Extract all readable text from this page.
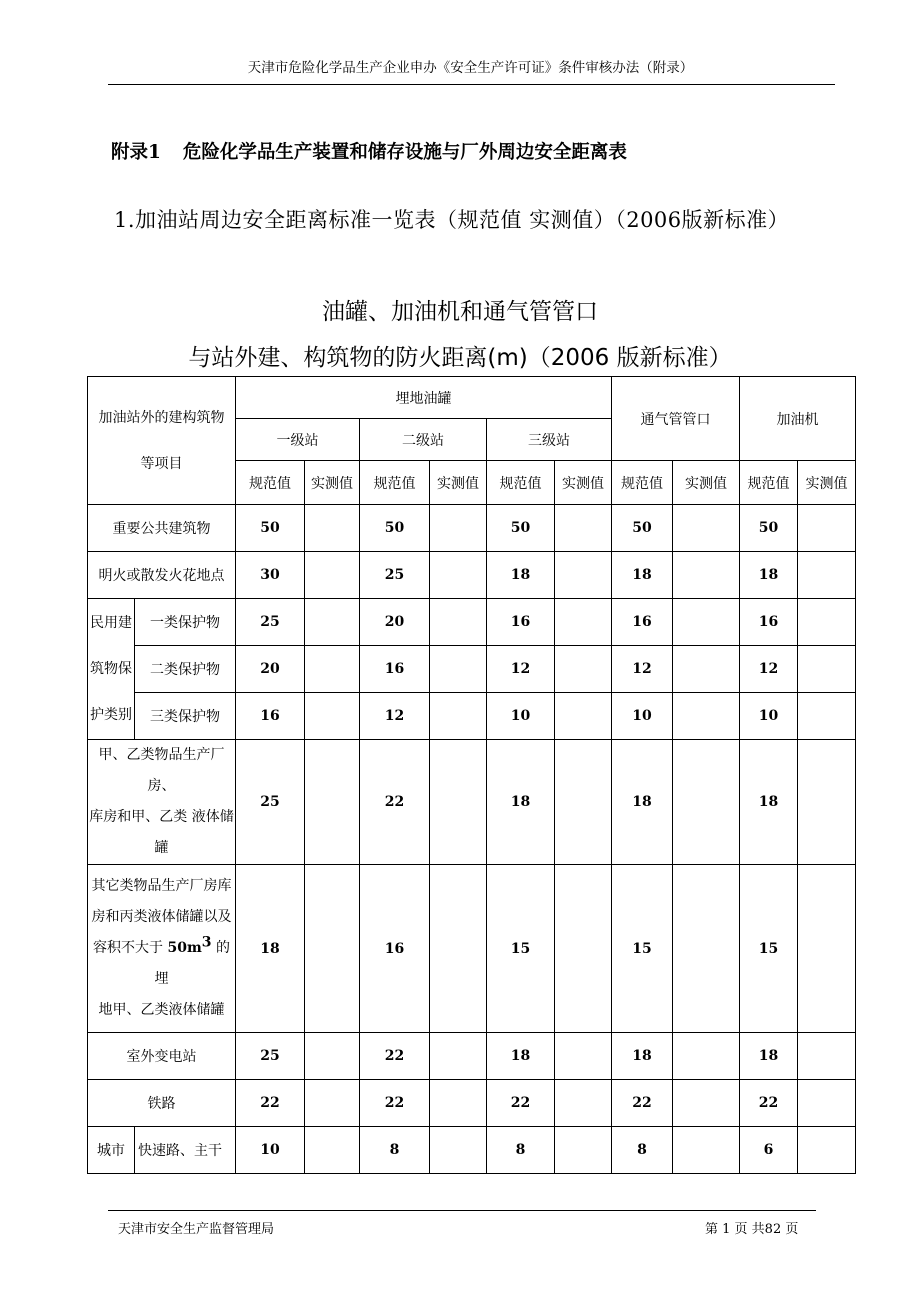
天津市危险化学品生产企业申办《安全生产许可证》条件审核办法（附录）
附录1 危险化学品生产装置和储存设施与厂外周边安全距离表
1.加油站周边安全距离标准一览表（规范值 实测值）（2006版新标准）
油罐、加油机和通气管管口
与站外建、构筑物的防火距离(m)（2006 版新标准）
加油站外的建构筑物
等项目		埋地油罐						通气管管口		加油机	
		一级站		二级站		三级站					
		规范值	实测值	规范值	实测值	规范值	实测值	规范值	实测值	规范值	实测值
重要公共建筑物		50		50		50		50		50	
明火或散发火花地点		30		25		18		18		18	
民用建
筑物保
护类别	一类保护物	25		20		16		16		16	
	二类保护物	20		16		12		12		12	
	三类保护物	16		12		10		10		10	
甲、乙类物品生产厂房、
库房和甲、乙类 液体储
罐		25		22		18		18		18	
其它类物品生产厂房库
房和丙类液体储罐以及
容积不大于 50m3 的埋
地甲、乙类液体储罐		18		16		15		15		15	
室外变电站		25		22		18		18		18	
铁路		22		22		22		22		22	
城市	快速路、主干	10		8		8		8		6	
天津市安全生产监督管理局	第 1 页 共82 页
